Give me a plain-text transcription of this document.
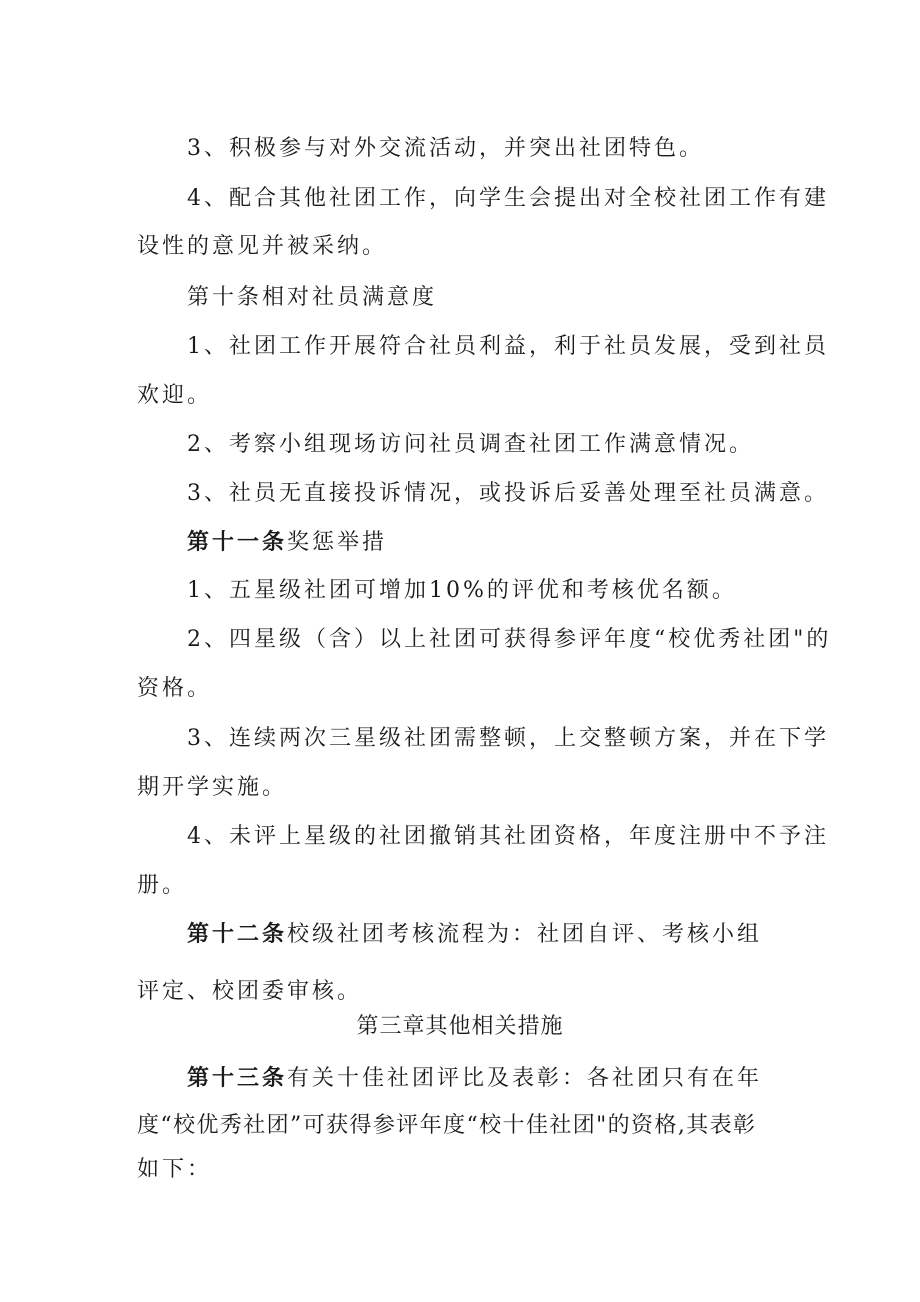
3、积极参与对外交流活动，并突出社团特色。
4、配合其他社团工作，向学生会提出对全校社团工作有建
设性的意见并被采纳。
第十条相对社员满意度
1、社团工作开展符合社员利益，利于社员发展，受到社员
欢迎。
2、考察小组现场访问社员调查社团工作满意情况。
3、社员无直接投诉情况，或投诉后妥善处理至社员满意。
第十一条奖惩举措
1、五星级社团可增加10%的评优和考核优名额。
2、四星级（含）以上社团可获得参评年度“校优秀社团"的
资格。
3、连续两次三星级社团需整顿，上交整顿方案，并在下学
期开学实施。
4、未评上星级的社团撤销其社团资格，年度注册中不予注
册。
第十二条校级社团考核流程为：社团自评、考核小组
评定、校团委审核。
第三章其他相关措施
第十三条有关十佳社团评比及表彰：各社团只有在年
度“校优秀社团”可获得参评年度“校十佳社团"的资格,其表彰
如下：
